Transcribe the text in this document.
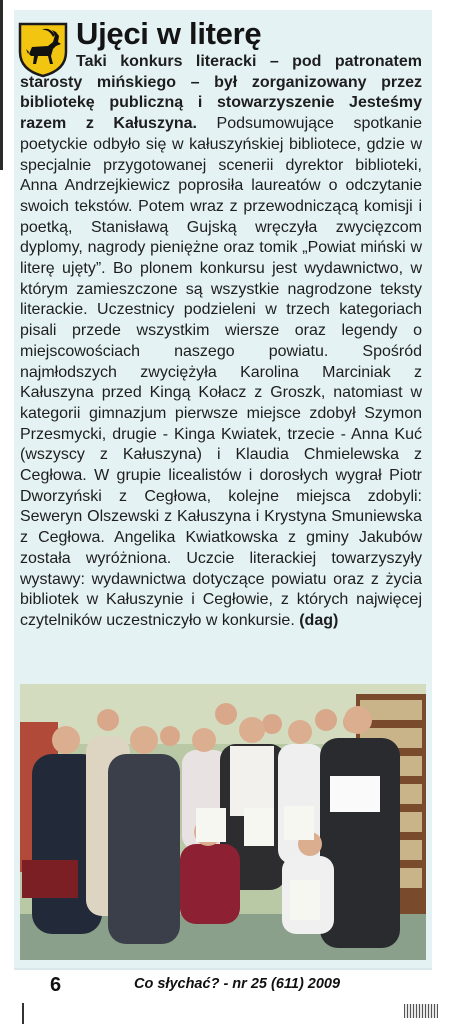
Ujęci w literę

Taki konkurs literacki – pod patronatem starosty mińskiego – był zorganizowany przez bibliotekę publiczną i stowarzyszenie Jesteśmy razem z Kałuszyna. Podsumowujące spotkanie poetyckie odbyło się w kałuszyńskiej bibliotece, gdzie w specjalnie przygotowanej scenerii dyrektor biblioteki, Anna Andrzejkiewicz poprosiła laureatów o odczytanie swoich tekstów. Potem wraz z przewodniczącą komisji i poetką, Stanisławą Gujską wręczyła zwycięzcom dyplomy, nagrody pieniężne oraz tomik „Powiat miński w literę ujęty”. Bo plonem konkursu jest wydawnictwo, w którym zamieszczone są wszystkie nagrodzone teksty literackie. Uczestnicy podzieleni w trzech kategoriach pisali przede wszystkim wiersze oraz legendy o miejscowościach naszego powiatu. Spośród najmłodszych zwyciężyła Karolina Marciniak z Kałuszyna przed Kingą Kołacz z Groszk, natomiast w kategorii gimnazjum pierwsze miejsce zdobył Szymon Przesmycki, drugie - Kinga Kwiatek, trzecie - Anna Kuć (wszyscy z Kałuszyna) i Klaudia Chmielewska z Cegłowa. W grupie licealistów i dorosłych wygrał Piotr Dworzyński z Cegłowa, kolejne miejsca zdobyli: Seweryn Olszewski z Kałuszyna i Krystyna Smuniewska z Cegłowa. Angelika Kwiatkowska z gminy Jakubów została wyróżniona. Uczcie literackiej towarzyszyły wystawy: wydawnictwa dotyczące powiatu oraz z życia bibliotek w Kałuszynie i Cegłowie, z których najwięcej czytelników uczestniczyło w konkursie. (dag)

6	Co słychać? - nr 25 (611) 2009
